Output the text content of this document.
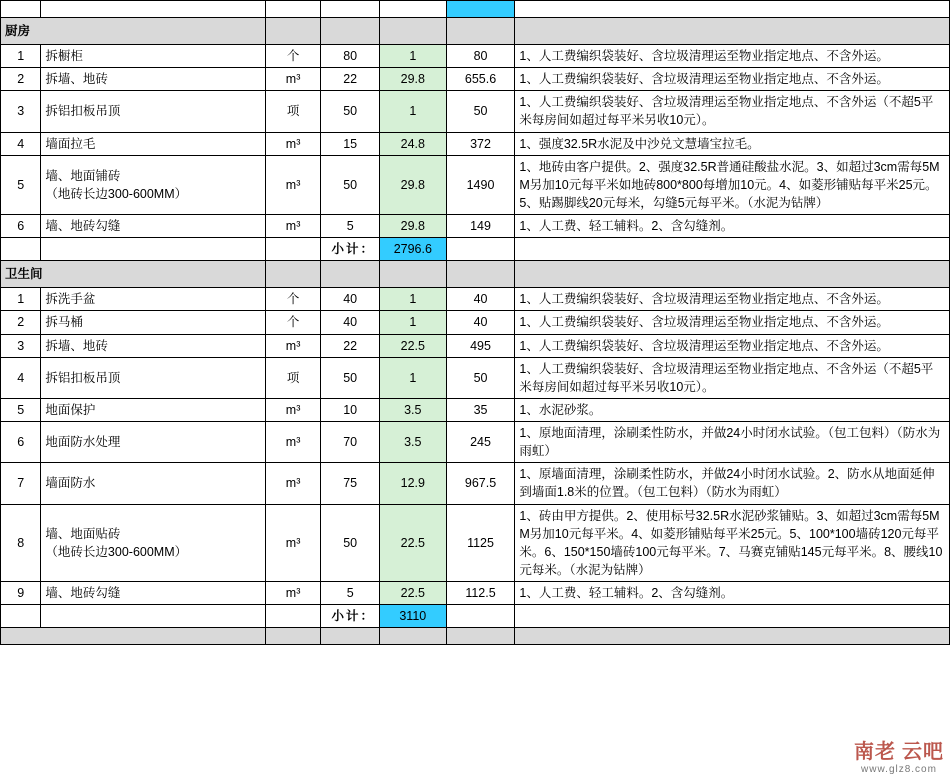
厨房						
1	拆橱柜	个	80	1	80	1、人工费编织袋装好、含垃圾清理运至物业指定地点、不含外运。
2	拆墙、地砖	m³	22	29.8	655.6	1、人工费编织袋装好、含垃圾清理运至物业指定地点、不含外运。
3	拆铝扣板吊顶	项	50	1	50	1、人工费编织袋装好、含垃圾清理运至物业指定地点、不含外运（不超5平米每房间如超过每平米另收10元）。
4	墙面拉毛	m³	15	24.8	372	1、强度32.5R水泥及中沙兑文慧墙宝拉毛。
5	墙、地面铺砖
（地砖长边300-600MM）	m³	50	29.8	1490	1、地砖由客户提供。2、强度32.5R普通硅酸盐水泥。3、如超过3cm需每5MM另加10元每平米如地砖800*800每增加10元。4、如菱形铺贴每平米25元。5、贴踢脚线20元每米，勾缝5元每平米。（水泥为钻牌）
6	墙、地砖勾缝	m³	5	29.8	149	1、人工费、轻工辅料。2、含勾缝剂。
			小计：	2796.6		
卫生间						
1	拆洗手盆	个	40	1	40	1、人工费编织袋装好、含垃圾清理运至物业指定地点、不含外运。
2	拆马桶	个	40	1	40	1、人工费编织袋装好、含垃圾清理运至物业指定地点、不含外运。
3	拆墙、地砖	m³	22	22.5	495	1、人工费编织袋装好、含垃圾清理运至物业指定地点、不含外运。
4	拆铝扣板吊顶	项	50	1	50	1、人工费编织袋装好、含垃圾清理运至物业指定地点、不含外运（不超5平米每房间如超过每平米另收10元）。
5	地面保护	m³	10	3.5	35	1、水泥砂浆。
6	地面防水处理	m³	70	3.5	245	1、原地面清理，涂刷柔性防水，并做24小时闭水试验。（包工包料）（防水为雨虹）
7	墙面防水	m³	75	12.9	967.5	1、原墙面清理，涂刷柔性防水，并做24小时闭水试验。2、防水从地面延伸到墙面1.8米的位置。（包工包料）（防水为雨虹）
8	墙、地面贴砖
（地砖长边300-600MM）	m³	50	22.5	1125	1、砖由甲方提供。2、使用标号32.5R水泥砂浆铺贴。3、如超过3cm需每5MM另加10元每平米。4、如菱形铺贴每平米25元。5、100*100墙砖120元每平米。6、150*150墙砖100元每平米。7、马赛克铺贴145元每平米。8、腰线10元每米。（水泥为钻牌）
9	墙、地砖勾缝	m³	5	22.5	112.5	1、人工费、轻工辅料。2、含勾缝剂。
			小计：	3110		

南老 云吧
www.glz8.com
